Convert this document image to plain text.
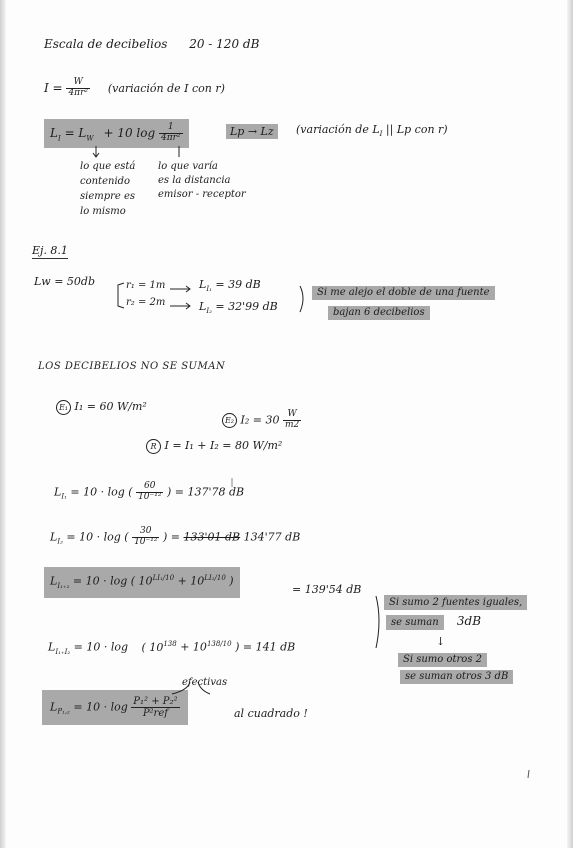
Escala de decibelios 20 - 120 dB
$I = \frac{W}{\text{4πr²}}$ (variación de I con r)
$L_I = L_W + 10$ $\log \frac{1}{\text{4πr²}}$	Lp → Lz	(variación de $L_I$ || Lp con r)
lo que está
contenido
siempre es
lo mismo
lo que varía
es la distancia
emisor - receptor
Ej. 8.1
Lw = 50db	r₁ = 1m
r₂ = 2m
$L_{I_1} = 39$ dB
$L_{I_2} = 32'99$ dB
Si me alejo el doble de una fuente
bajan 6 decibelios
LOS DECIBELIOS NO SE SUMAN
E₁ I₁ = 60 W/m²
E₂ $I_2 = 30 \frac{W}{m2}$
R I = I₁ + I₂ = 80 W/m²
$L_{I_1} = 10 \cdot \log$ ( $\frac{60}{\text{10⁻¹²}}$ ) = 137'78 dB
$L_{I_2} = 10 \cdot \log$ ( $\frac{30}{\text{10⁻¹²}}$ ) = 133'01 dB 134'77 dB
$L_{I_{1+2}} = 10 \cdot \log$ ( $10^{LI_1/10} + 10^{LI_2/10}$ )
= 139'54 dB
Si sumo 2 fuentes iguales,
se suman 3dB
↓
Si sumo otros 2
se suman otros 3 dB
$L_{I_{1+}I_2} = 10 \cdot \log$ ( $10^{138} + 10^{138/10}$ ) = 141 dB
efectivas
$L_{P_1,_2} = 10 \cdot \log \frac{\text{P₁² + P₂²}}{\text{P²ref}}$	al cuadrado !
